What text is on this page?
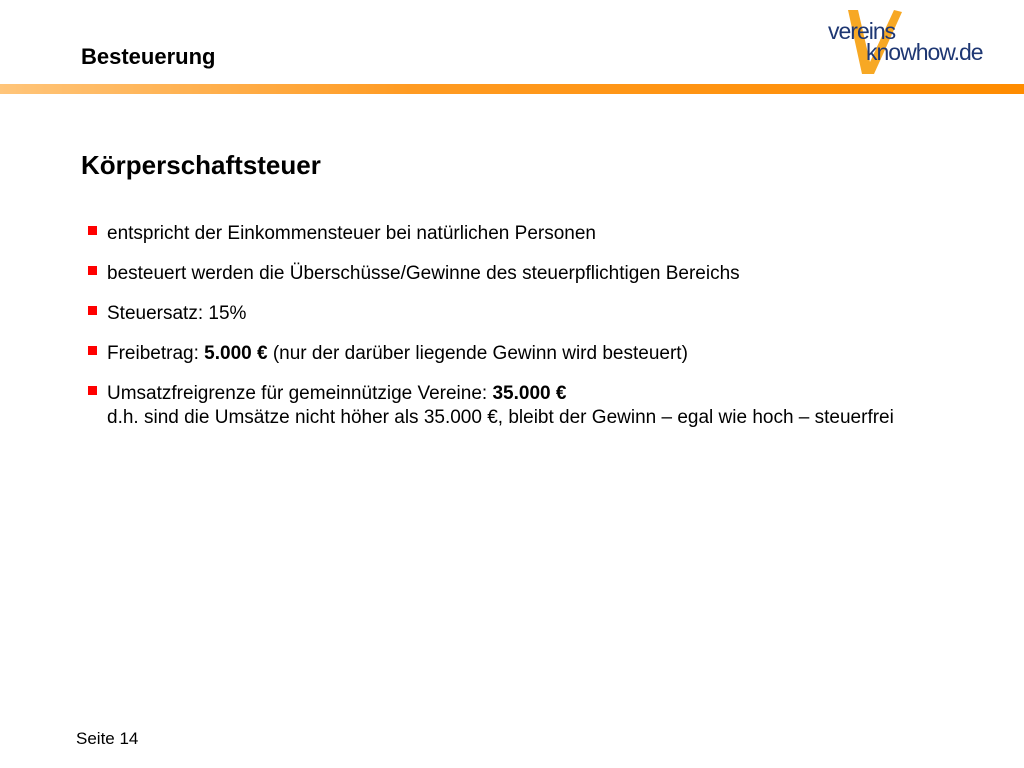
Besteuerung
vereins
knowhow.de
Körperschaftsteuer
entspricht der Einkommensteuer bei natürlichen Personen
besteuert werden die Überschüsse/Gewinne des steuerpflichtigen Bereichs
Steuersatz: 15%
Freibetrag: 5.000 € (nur der darüber liegende Gewinn wird besteuert)
Umsatzfreigrenze für gemeinnützige Vereine: 35.000 €
d.h. sind die Umsätze nicht höher als 35.000 €, bleibt der Gewinn – egal wie hoch – steuerfrei
Seite 14
